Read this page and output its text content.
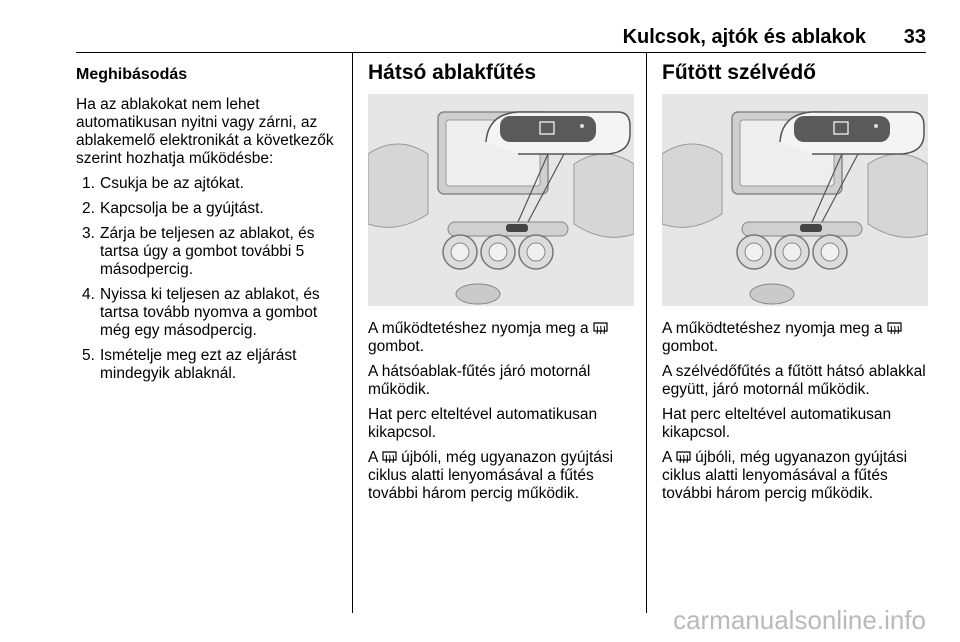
Kulcsok, ajtók és ablakok 33
Meghibásodás

Ha az ablakokat nem lehet automatikusan nyitni vagy zárni, az ablakemelő elektronikát a következők szerint hozhatja működésbe:

1. Csukja be az ajtókat.
2. Kapcsolja be a gyújtást.
3. Zárja be teljesen az ablakot, és tartsa úgy a gombot további 5 másodpercig.
4. Nyissa ki teljesen az ablakot, és tartsa tovább nyomva a gombot még egy másodpercig.
5. Ismételje meg ezt az eljárást mindegyik ablaknál.
Hátsó ablakfűtés

A működtetéshez nyomja meg a  gombot.

A hátsóablak-fűtés járó motornál működik.

Hat perc elteltével automatikusan kikapcsol.

A  újbóli, még ugyanazon gyújtási ciklus alatti lenyomásával a fűtés további három percig működik.

Fűtött szélvédő

A működtetéshez nyomja meg a  gombot.

A szélvédőfűtés a fűtött hátsó ablakkal együtt, járó motornál működik.

Hat perc elteltével automatikusan kikapcsol.

A  újbóli, még ugyanazon gyújtási ciklus alatti lenyomásával a fűtés további három percig működik.

carmanualsonline.info
